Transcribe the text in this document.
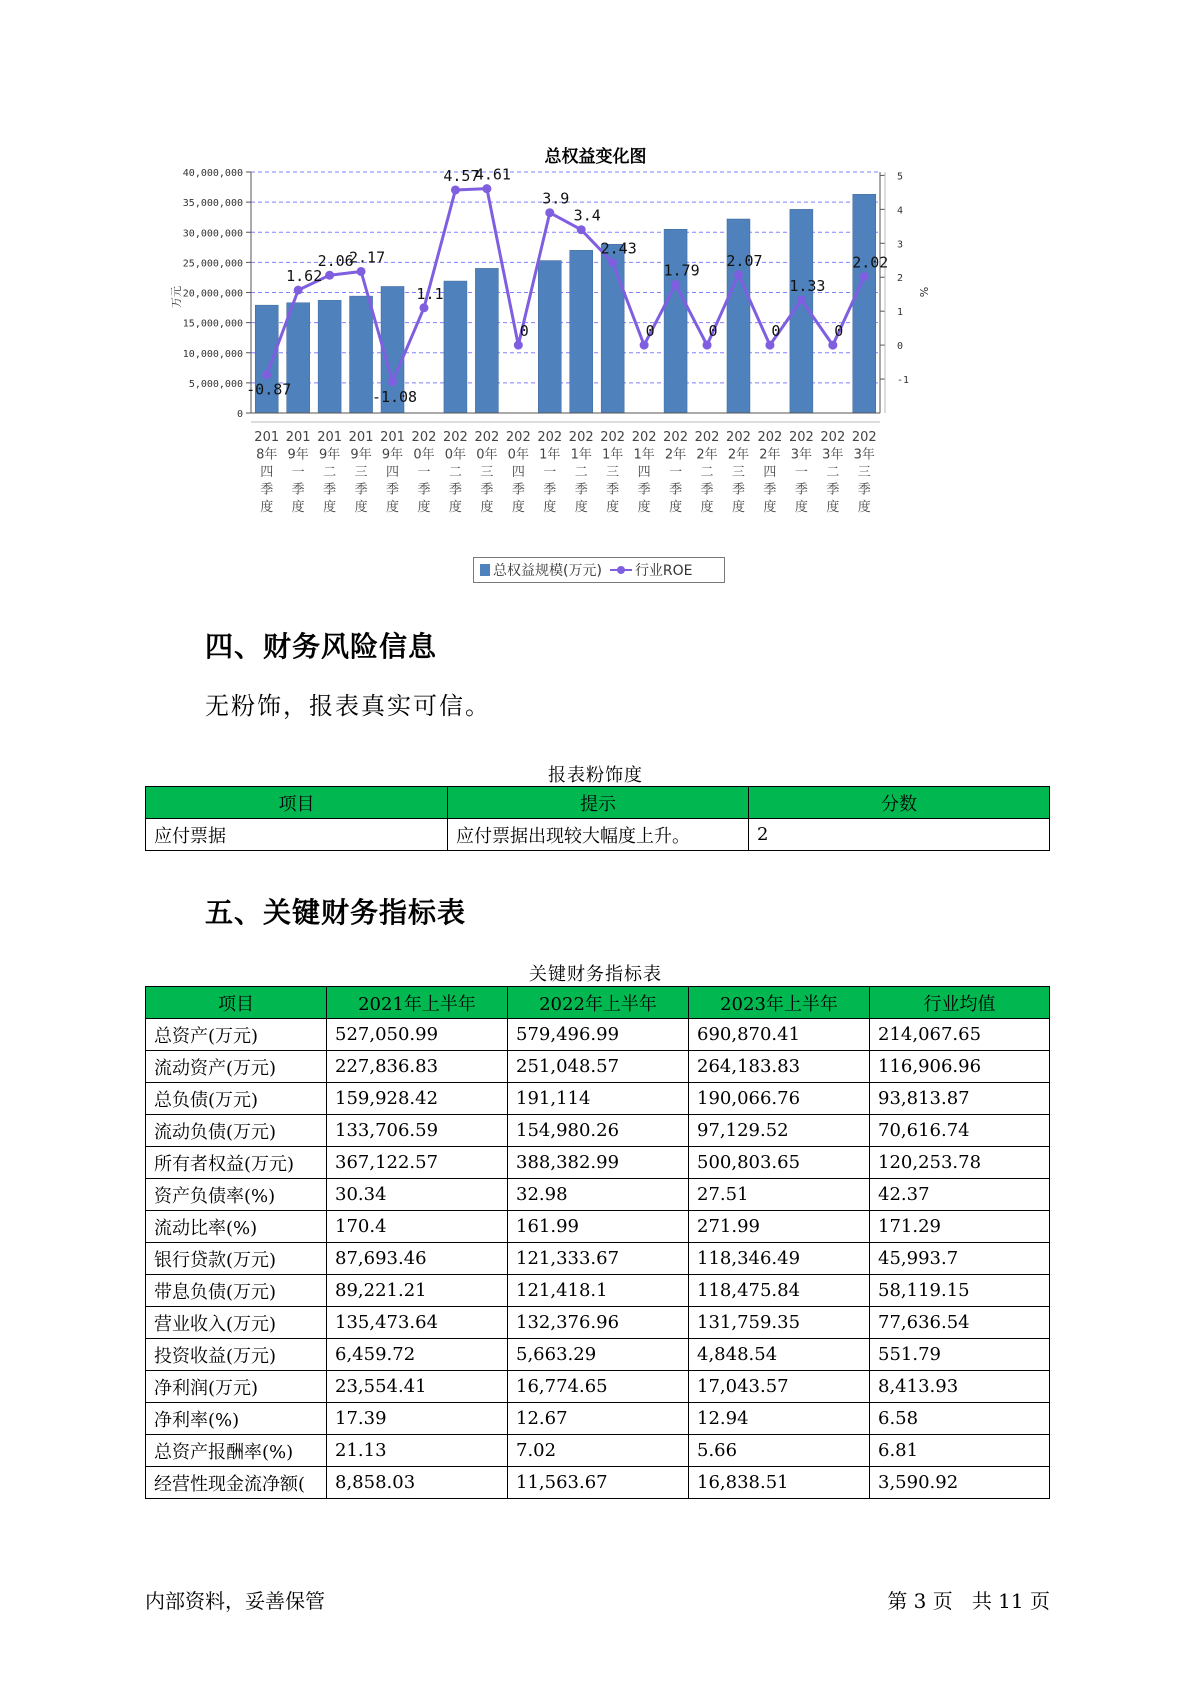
总权益变化图
0
5,000,000
10,000,000
15,000,000
20,000,000
25,000,000
30,000,000
35,000,000
40,000,000
-1
0
1
2
3
4
5
万元	%
-0.87
1.62
2.06
2.17
-1.08
1.1
4.57
4.61
0
3.9
3.4
2.43
0
1.79
0
2.07
0
1.33
0
2.02
201
8年
四
季
度
201
9年
一
季
度
201
9年
二
季
度
201
9年
三
季
度
201
9年
四
季
度
202
0年
一
季
度
202
0年
二
季
度
202
0年
三
季
度
202
0年
四
季
度
202
1年
一
季
度
202
1年
二
季
度
202
1年
三
季
度
202
1年
四
季
度
202
2年
一
季
度
202
2年
二
季
度
202
2年
三
季
度
202
2年
四
季
度
202
3年
一
季
度
202
3年
二
季
度
202
3年
三
季
度
总权益规模(万元) 行业ROE
四、财务风险信息
无粉饰，报表真实可信。
报表粉饰度
项目	提示	分数
应付票据	应付票据出现较大幅度上升。	2
五、关键财务指标表
关键财务指标表
项目	2021年上半年	2022年上半年	2023年上半年	行业均值
总资产(万元)	527,050.99	579,496.99	690,870.41	214,067.65
流动资产(万元)	227,836.83	251,048.57	264,183.83	116,906.96
总负债(万元)	159,928.42	191,114	190,066.76	93,813.87
流动负债(万元)	133,706.59	154,980.26	97,129.52	70,616.74
所有者权益(万元)	367,122.57	388,382.99	500,803.65	120,253.78
资产负债率(%)	30.34	32.98	27.51	42.37
流动比率(%)	170.4	161.99	271.99	171.29
银行贷款(万元)	87,693.46	121,333.67	118,346.49	45,993.7
带息负债(万元)	89,221.21	121,418.1	118,475.84	58,119.15
营业收入(万元)	135,473.64	132,376.96	131,759.35	77,636.54
投资收益(万元)	6,459.72	5,663.29	4,848.54	551.79
净利润(万元)	23,554.41	16,774.65	17,043.57	8,413.93
净利率(%)	17.39	12.67	12.94	6.58
总资产报酬率(%)	21.13	7.02	5.66	6.81
经营性现金流净额(	8,858.03	11,563.67	16,838.51	3,590.92
内部资料，妥善保管	第 3 页   共 11 页
